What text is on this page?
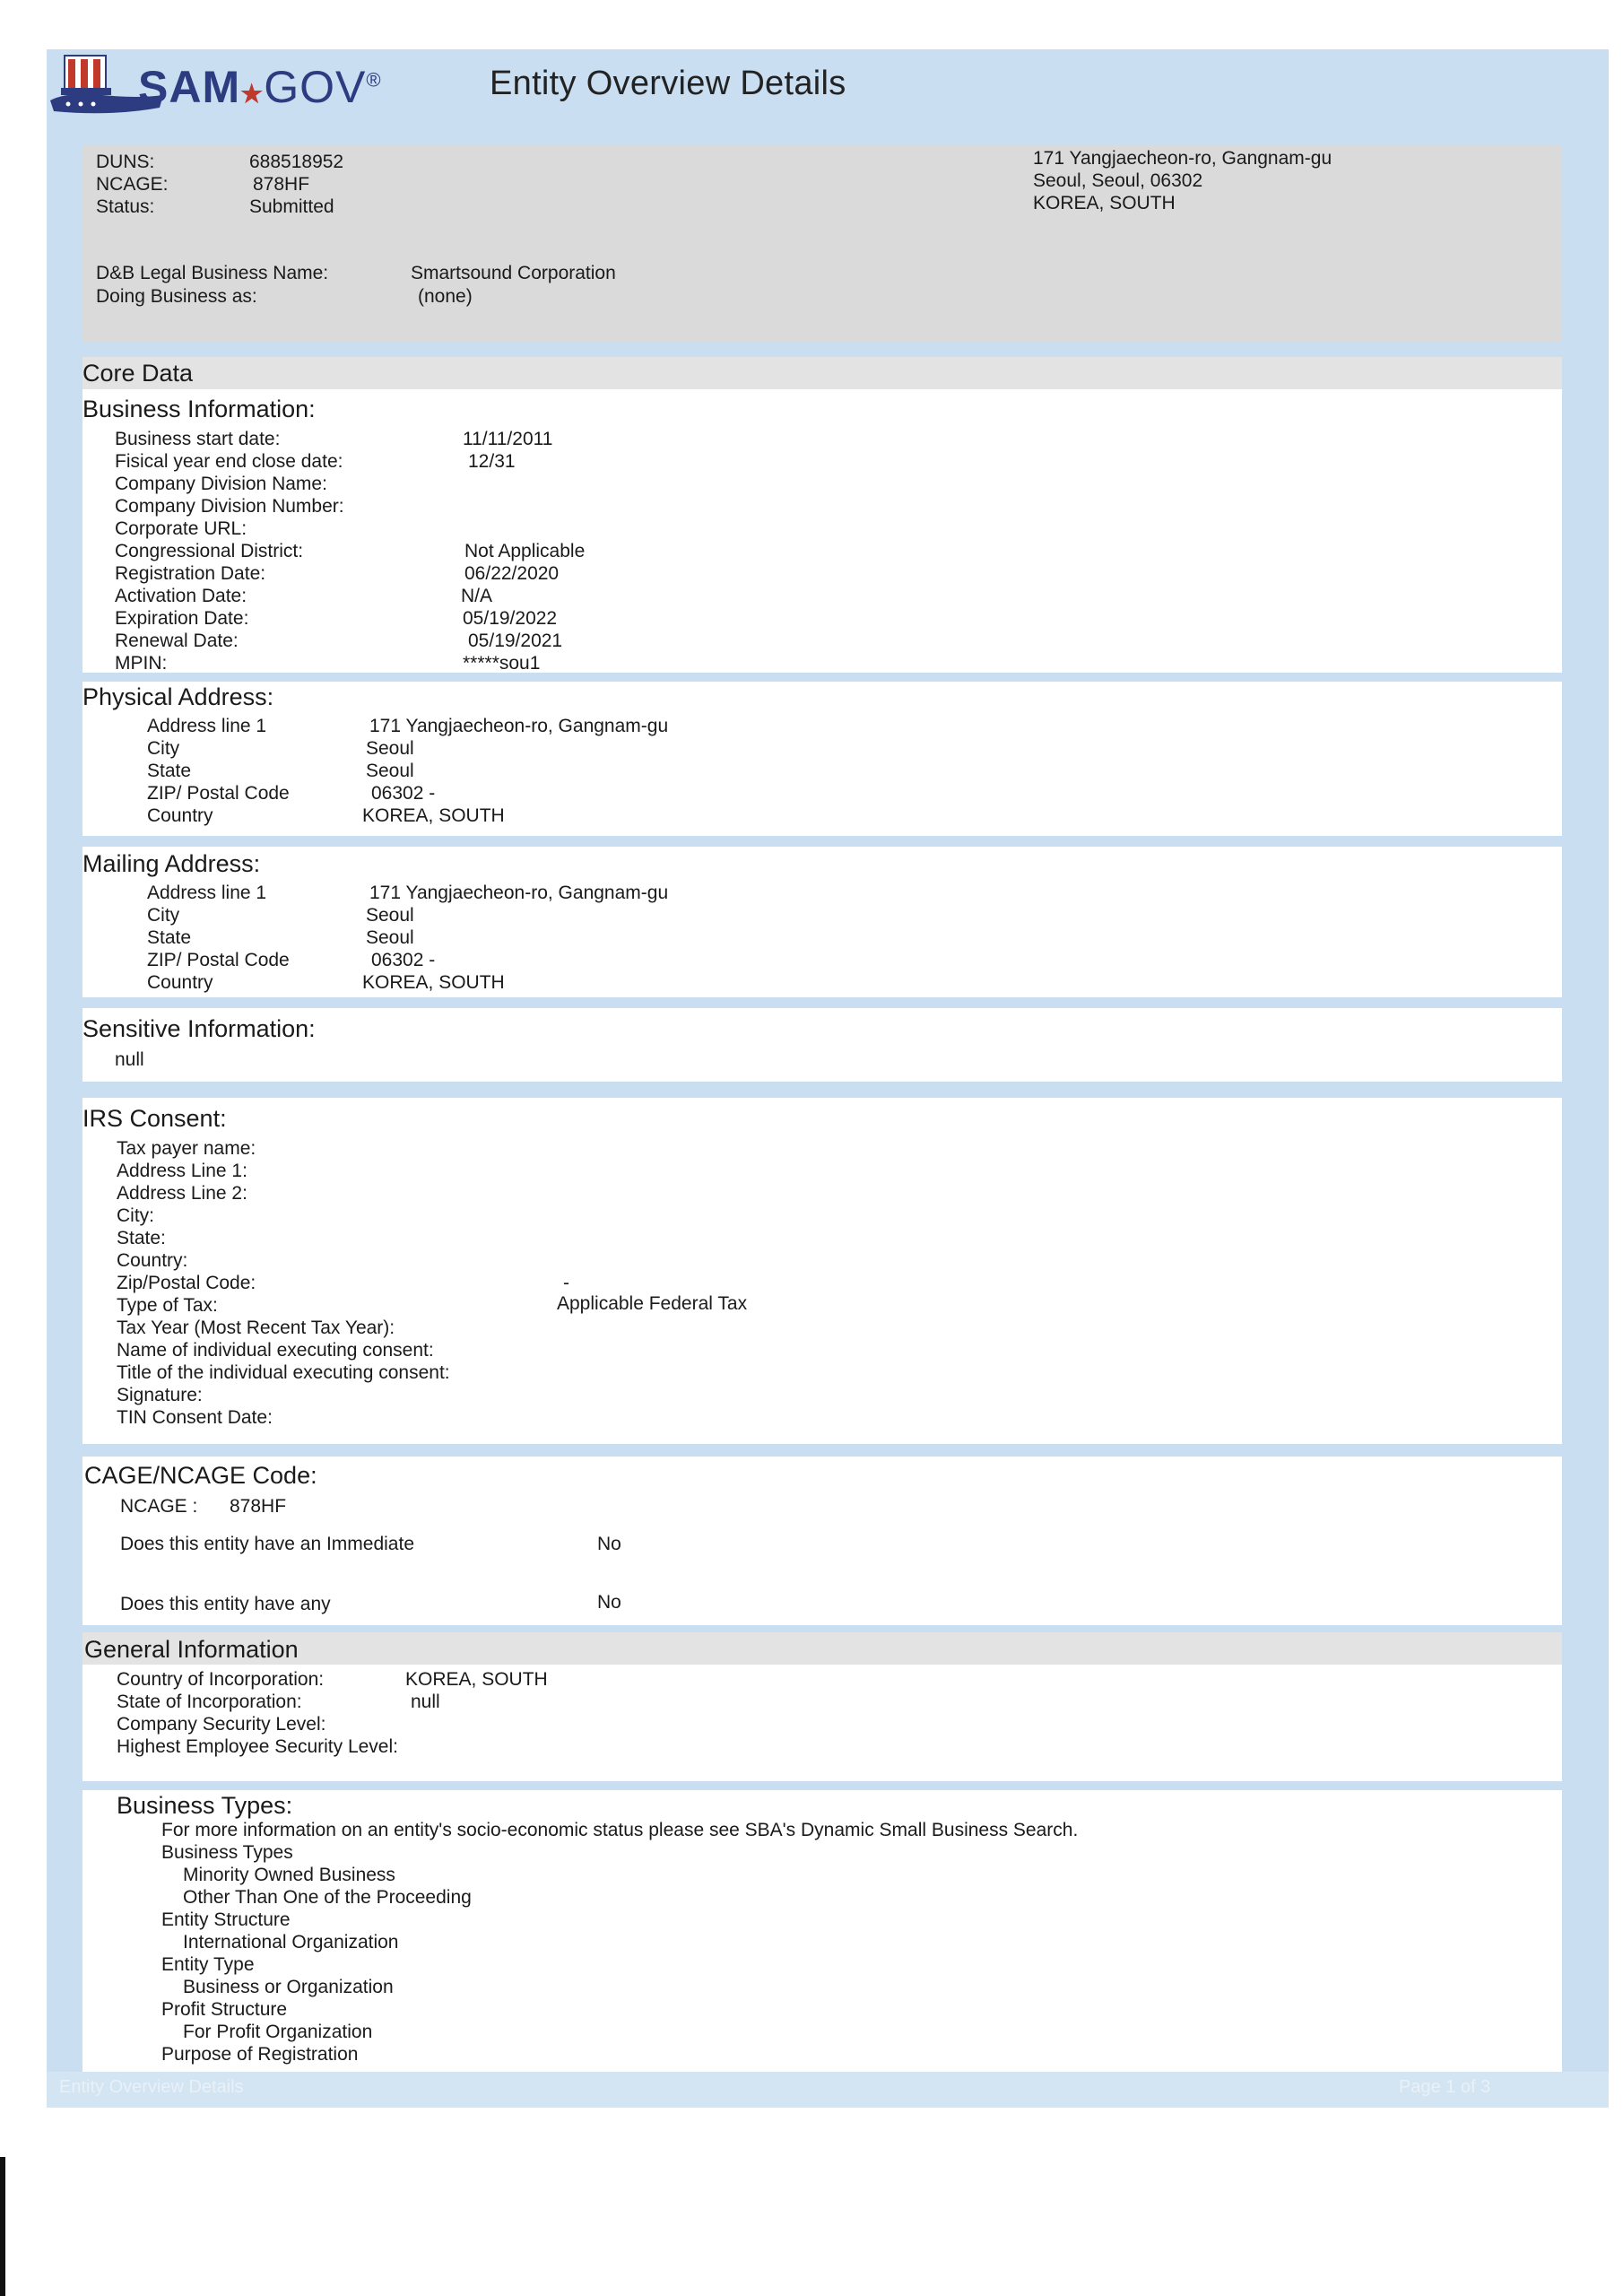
SAM★GOV®	Entity Overview Details
DUNS:	688518952
NCAGE:	878HF
Status:	Submitted
171 Yangjaecheon-ro, Gangnam-gu
Seoul, Seoul, 06302
KOREA, SOUTH
D&B Legal Business Name:	Smartsound Corporation
Doing Business as:	(none)
Core Data
Business Information:
Business start date:	11/11/2011
Fisical year end close date:	12/31
Company Division Name:
Company Division Number:
Corporate URL:
Congressional District:	Not Applicable
Registration Date:	06/22/2020
Activation Date:	N/A
Expiration Date:	05/19/2022
Renewal Date:	05/19/2021
MPIN:	*****sou1
Physical Address:
Address line 1	171 Yangjaecheon-ro, Gangnam-gu
City	Seoul
State	Seoul
ZIP/ Postal Code	06302 -
Country	KOREA, SOUTH
Mailing Address:
Address line 1	171 Yangjaecheon-ro, Gangnam-gu
City	Seoul
State	Seoul
ZIP/ Postal Code	06302 -
Country	KOREA, SOUTH
Sensitive Information:
null
IRS Consent:
Tax payer name:
Address Line 1:
Address Line 2:
City:
State:
Country:
Zip/Postal Code:	-
Type of Tax:	Applicable Federal Tax
Tax Year (Most Recent Tax Year):
Name of individual executing consent:
Title of the individual executing consent:
Signature:
TIN Consent Date:
CAGE/NCAGE Code:
NCAGE : 878HF
Does this entity have an Immediate	No
Does this entity have any	No
General Information
Country of Incorporation:	KOREA, SOUTH
State of Incorporation:	null
Company Security Level:
Highest Employee Security Level:
Business Types:
For more information on an entity's socio-economic status please see SBA's Dynamic Small Business Search.
Business Types
Minority Owned Business
Other Than One of the Proceeding
Entity Structure
International Organization
Entity Type
Business or Organization
Profit Structure
For Profit Organization
Purpose of Registration
Entity Overview Details	Page 1 of 3
